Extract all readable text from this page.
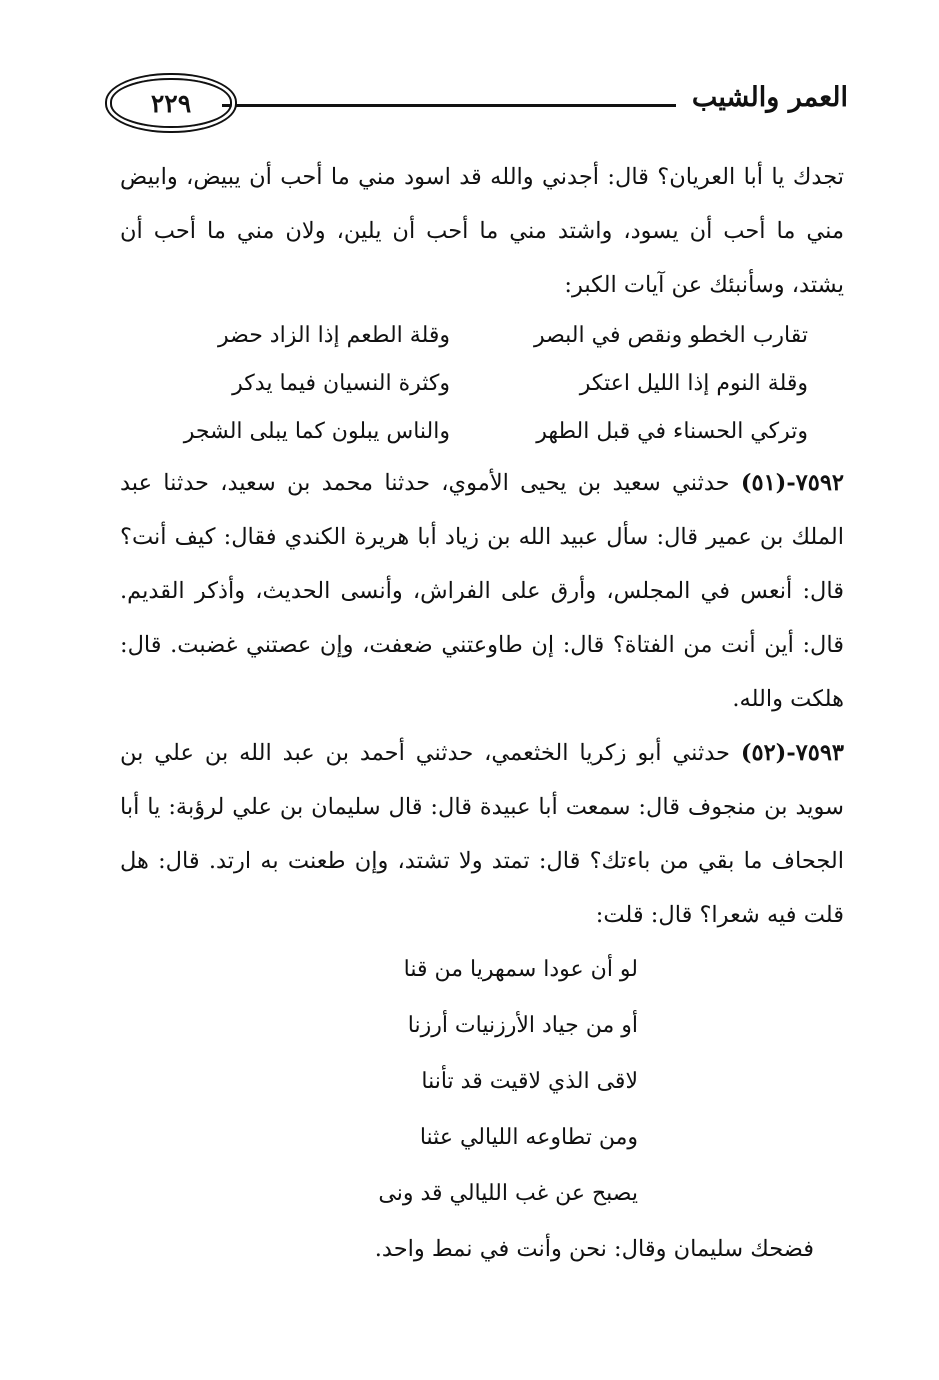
العمر والشيب
٢٢٩

تجدك يا أبا العريان؟ قال: أجدني والله قد اسود مني ما أحب أن يبيض، وابيض مني ما أحب أن يسود، واشتد مني ما أحب أن يلين، ولان مني ما أحب أن يشتد، وسأنبئك عن آيات الكبر:

تقارب الخطو ونقص في البصر
وقلة الطعم إذا الزاد حضر
وقلة النوم إذا الليل اعتكر
وكثرة النسيان فيما يدكر
وتركي الحسناء في قبل الطهر
والناس يبلون كما يبلى الشجر

٧٥٩٢-(٥١) حدثني سعيد بن يحيى الأموي، حدثنا محمد بن سعيد، حدثنا عبد الملك بن عمير قال: سأل عبيد الله بن زياد أبا هريرة الكندي فقال: كيف أنت؟ قال: أنعس في المجلس، وأرق على الفراش، وأنسى الحديث، وأذكر القديم. قال: أين أنت من الفتاة؟ قال: إن طاوعتني ضعفت، وإن عصتني غضبت. قال: هلكت والله.

٧٥٩٣-(٥٢) حدثني أبو زكريا الخثعمي، حدثني أحمد بن عبد الله بن علي بن سويد بن منجوف قال: سمعت أبا عبيدة قال: قال سليمان بن علي لرؤبة: يا أبا الجحاف ما بقي من باءتك؟ قال: تمتد ولا تشتد، وإن طعنت به ارتد. قال: هل قلت فيه شعرا؟ قال: قلت:

لو أن عودا سمهريا من قنا
أو من جياد الأرزنيات أرزنا
لاقى الذي لاقيت قد تأننا
ومن تطاوعه الليالي عثنا
يصبح عن غب الليالي قد ونى

فضحك سليمان وقال: نحن وأنت في نمط واحد.
